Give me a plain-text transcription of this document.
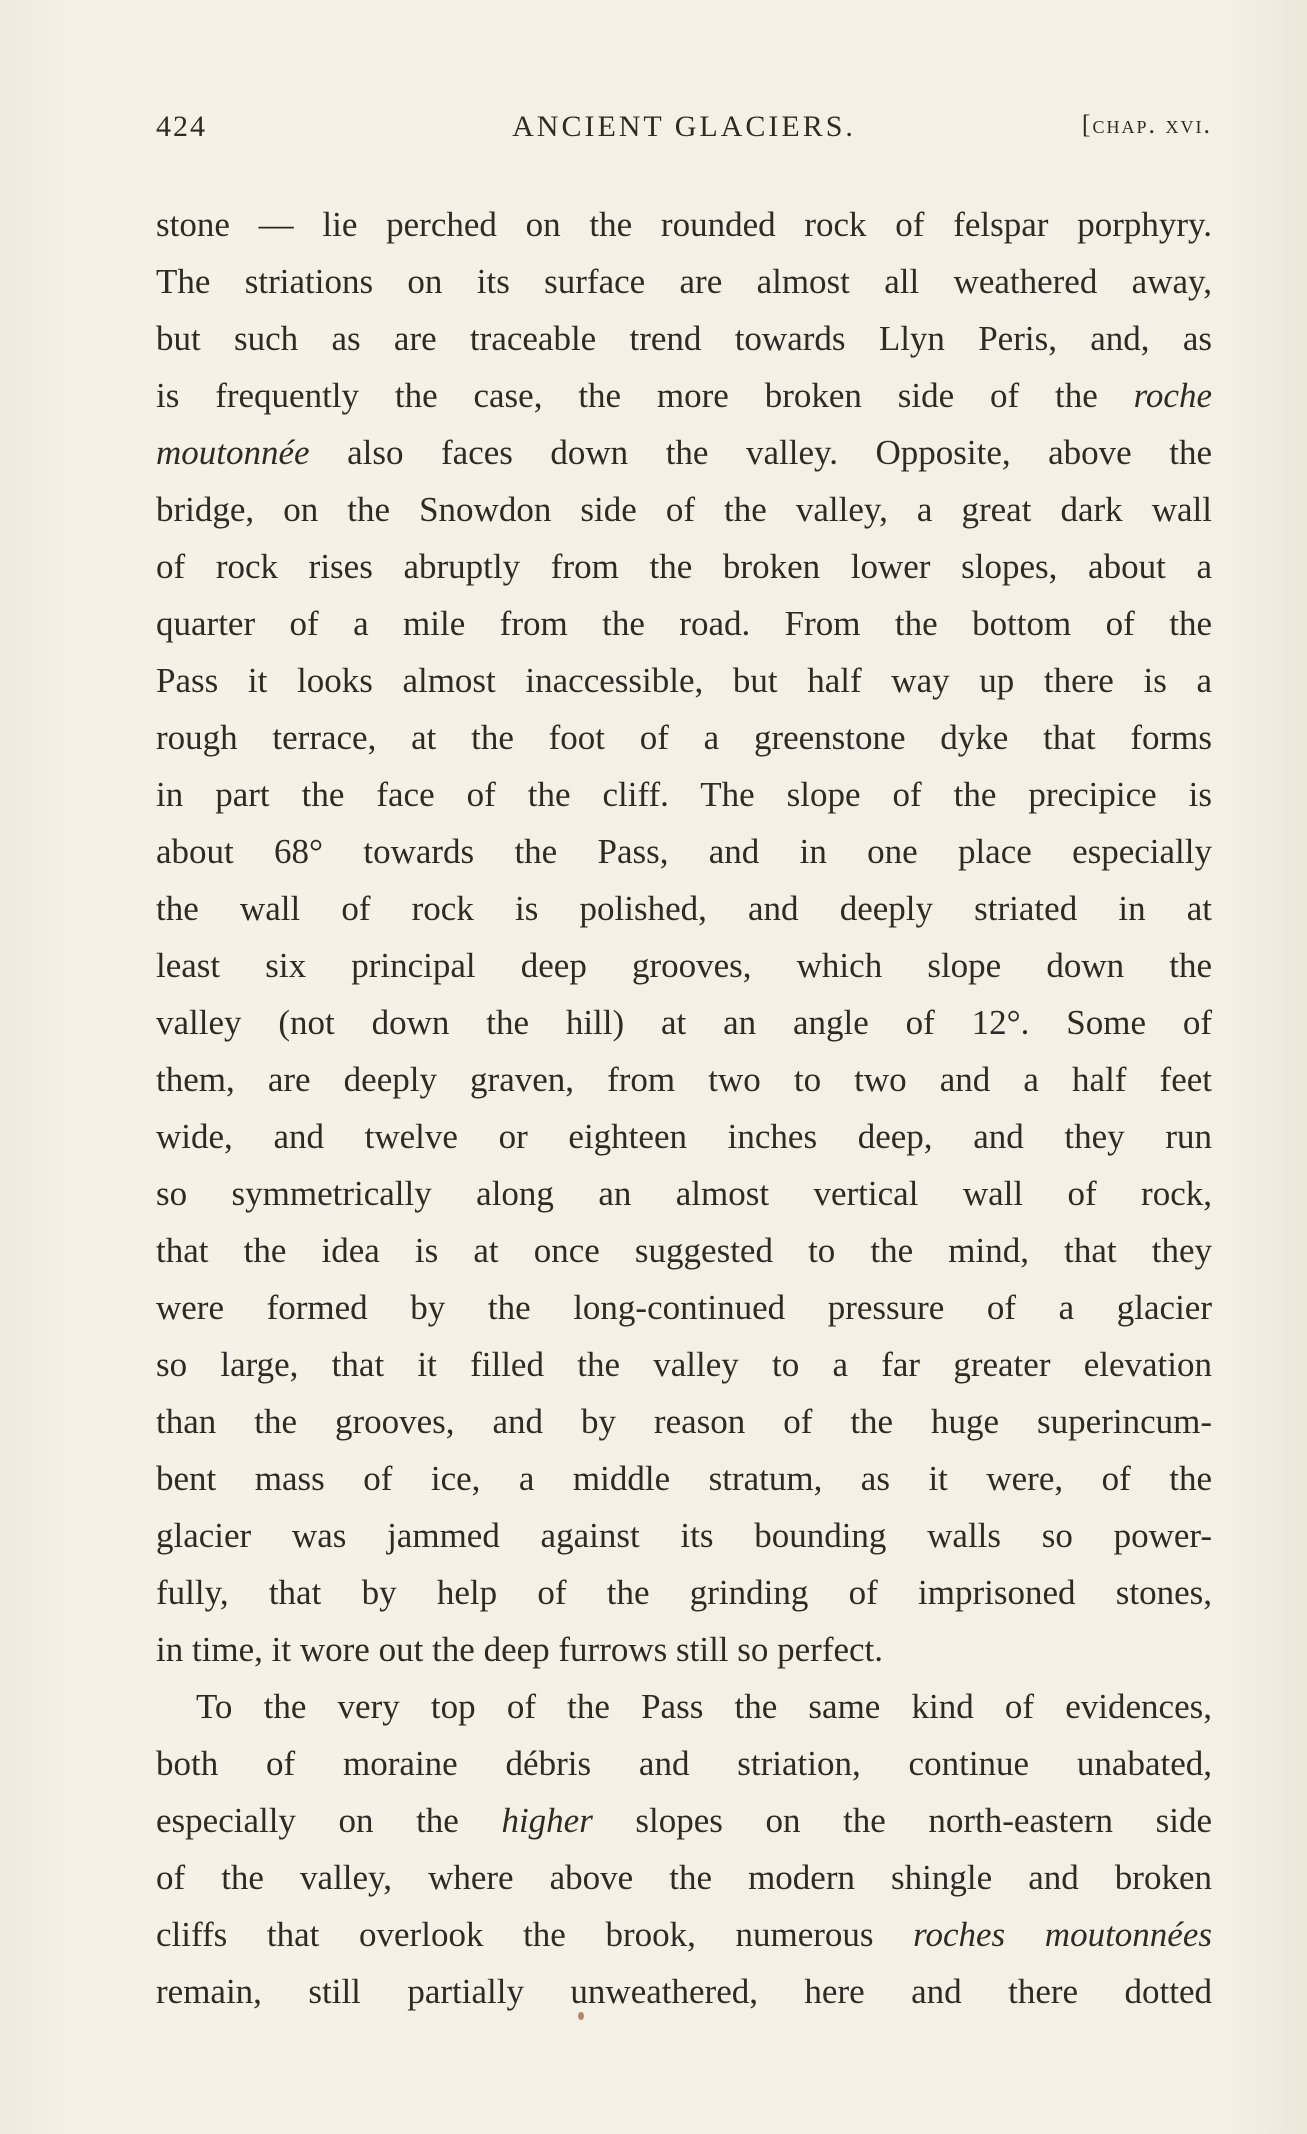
424	ANCIENT GLACIERS.	[chap. xvi.
stone — lie perched on the rounded rock of felspar porphyry.
The striations on its surface are almost all weathered away,
but such as are traceable trend towards Llyn Peris, and, as
is frequently the case, the more broken side of the roche
moutonnée also faces down the valley. Opposite, above the
bridge, on the Snowdon side of the valley, a great dark wall
of rock rises abruptly from the broken lower slopes, about a
quarter of a mile from the road. From the bottom of the
Pass it looks almost inaccessible, but half way up there is a
rough terrace, at the foot of a greenstone dyke that forms
in part the face of the cliff. The slope of the precipice is
about 68° towards the Pass, and in one place especially
the wall of rock is polished, and deeply striated in at
least six principal deep grooves, which slope down the
valley (not down the hill) at an angle of 12°. Some of
them, are deeply graven, from two to two and a half feet
wide, and twelve or eighteen inches deep, and they run
so symmetrically along an almost vertical wall of rock,
that the idea is at once suggested to the mind, that they
were formed by the long-continued pressure of a glacier
so large, that it filled the valley to a far greater elevation
than the grooves, and by reason of the huge superincum-
bent mass of ice, a middle stratum, as it were, of the
glacier was jammed against its bounding walls so power-
fully, that by help of the grinding of imprisoned stones,
in time, it wore out the deep furrows still so perfect.
To the very top of the Pass the same kind of evidences,
both of moraine débris and striation, continue unabated,
especially on the higher slopes on the north-eastern side
of the valley, where above the modern shingle and broken
cliffs that overlook the brook, numerous roches moutonnées
remain, still partially unweathered, here and there dotted
